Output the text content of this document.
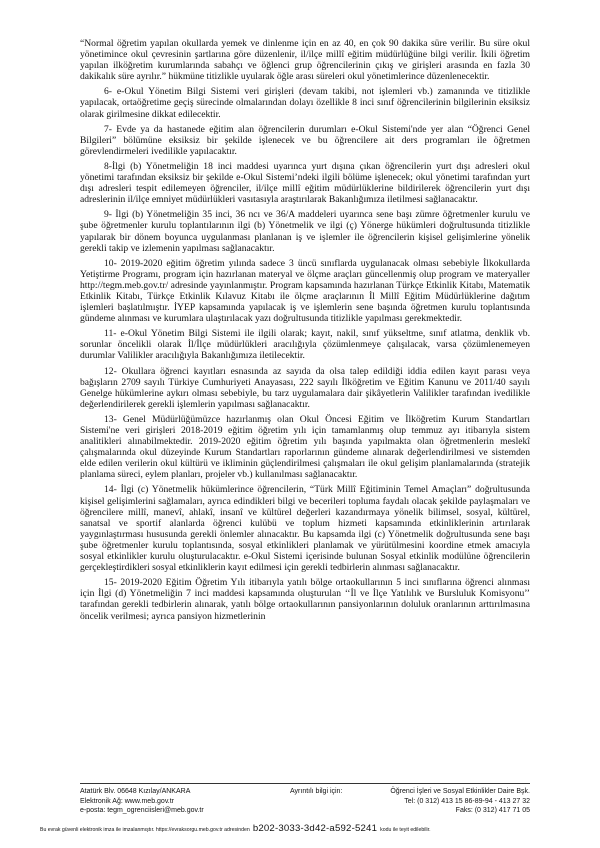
“Normal öğretim yapılan okullarda yemek ve dinlenme için en az 40, en çok 90 dakika süre verilir. Bu süre okul yönetimince okul çevresinin şartlarına göre düzenlenir, il/ilçe millî eğitim müdürlüğüne bilgi verilir. İkili öğretim yapılan ilköğretim kurumlarında sabahçı ve öğlenci grup öğrencilerinin çıkış ve girişleri arasında en fazla 30 dakikalık süre ayrılır.” hükmüne titizlikle uyularak öğle arası süreleri okul yönetimlerince düzenlenecektir.

6- e-Okul Yönetim Bilgi Sistemi veri girişleri (devam takibi, not işlemleri vb.) zamanında ve titizlikle yapılacak, ortaöğretime geçiş sürecinde olmalarından dolayı özellikle 8 inci sınıf öğrencilerinin bilgilerinin eksiksiz olarak girilmesine dikkat edilecektir.

7- Evde ya da hastanede eğitim alan öğrencilerin durumları e-Okul Sistemi'nde yer alan “Öğrenci Genel Bilgileri” bölümüne eksiksiz bir şekilde işlenecek ve bu öğrencilere ait ders programları ile öğretmen görevlendirmeleri ivedilikle yapılacaktır.

8-İlgi (b) Yönetmeliğin 18 inci maddesi uyarınca yurt dışına çıkan öğrencilerin yurt dışı adresleri okul yönetimi tarafından eksiksiz bir şekilde e-Okul Sistemi’ndeki ilgili bölüme işlenecek; okul yönetimi tarafından yurt dışı adresleri tespit edilemeyen öğrenciler, il/ilçe millî eğitim müdürlüklerine bildirilerek öğrencilerin yurt dışı adreslerinin il/ilçe emniyet müdürlükleri vasıtasıyla araştırılarak Bakanlığımıza iletilmesi sağlanacaktır.

9- İlgi (b) Yönetmeliğin 35 inci, 36 ncı ve 36/A maddeleri uyarınca sene başı zümre öğretmenler kurulu ve şube öğretmenler kurulu toplantılarının ilgi (b) Yönetmelik ve ilgi (ç) Yönerge hükümleri doğrultusunda titizlikle yapılarak bir dönem boyunca uygulanması planlanan iş ve işlemler ile öğrencilerin kişisel gelişimlerine yönelik gerekli takip ve izlemenin yapılması sağlanacaktır.

10- 2019-2020 eğitim öğretim yılında sadece 3 üncü sınıflarda uygulanacak olması sebebiyle İlkokullarda Yetiştirme Programı, program için hazırlanan materyal ve ölçme araçları güncellenmiş olup program ve materyaller http://tegm.meb.gov.tr/ adresinde yayınlanmıştır. Program kapsamında hazırlanan Türkçe Etkinlik Kitabı, Matematik Etkinlik Kitabı, Türkçe Etkinlik Kılavuz Kitabı ile ölçme araçlarının İl Millî Eğitim Müdürlüklerine dağıtım işlemleri başlatılmıştır. İYEP kapsamında yapılacak iş ve işlemlerin sene başında öğretmen kurulu toplantısında gündeme alınması ve kurumlara ulaştırılacak yazı doğrultusunda titizlikle yapılması gerekmektedir.

11- e-Okul Yönetim Bilgi Sistemi ile ilgili olarak; kayıt, nakil, sınıf yükseltme, sınıf atlatma, denklik vb. sorunlar öncelikli olarak İl/İlçe müdürlükleri aracılığıyla çözümlenmeye çalışılacak, varsa çözümlenemeyen durumlar Valilikler aracılığıyla Bakanlığımıza iletilecektir.

12- Okullara öğrenci kayıtları esnasında az sayıda da olsa talep edildiği iddia edilen kayıt parası veya bağışların 2709 sayılı Türkiye Cumhuriyeti Anayasası, 222 sayılı İlköğretim ve Eğitim Kanunu ve 2011/40 sayılı Genelge hükümlerine aykırı olması sebebiyle, bu tarz uygulamalara dair şikâyetlerin Valilikler tarafından ivedilikle değerlendirilerek gerekli işlemlerin yapılması sağlanacaktır.

13- Genel Müdürlüğümüzce hazırlanmış olan Okul Öncesi Eğitim ve İlköğretim Kurum Standartları Sistemi'ne veri girişleri 2018-2019 eğitim öğretim yılı için tamamlanmış olup temmuz ayı itibarıyla sistem analitikleri alınabilmektedir. 2019-2020 eğitim öğretim yılı başında yapılmakta olan öğretmenlerin meslekî çalışmalarında okul düzeyinde Kurum Standartları raporlarının gündeme alınarak değerlendirilmesi ve sistemden elde edilen verilerin okul kültürü ve ikliminin güçlendirilmesi çalışmaları ile okul gelişim planlamalarında (stratejik planlama süreci, eylem planları, projeler vb.) kullanılması sağlanacaktır.

14- İlgi (c) Yönetmelik hükümlerince öğrencilerin, “Türk Millî Eğitiminin Temel Amaçları” doğrultusunda kişisel gelişimlerini sağlamaları, ayrıca edindikleri bilgi ve becerileri topluma faydalı olacak şekilde paylaşmaları ve öğrencilere millî, manevî, ahlakî, insanî ve kültürel değerleri kazandırmaya yönelik bilimsel, sosyal, kültürel, sanatsal ve sportif alanlarda öğrenci kulübü ve toplum hizmeti kapsamında etkinliklerinin artırılarak yaygınlaştırması hususunda gerekli önlemler alınacaktır. Bu kapsamda ilgi (c) Yönetmelik doğrultusunda sene başı şube öğretmenler kurulu toplantısında, sosyal etkinlikleri planlamak ve yürütülmesini koordine etmek amacıyla sosyal etkinlikler kurulu oluşturulacaktır. e-Okul Sistemi içerisinde bulunan Sosyal etkinlik modülüne öğrencilerin gerçekleştirdikleri sosyal etkinliklerin kayıt edilmesi için gerekli tedbirlerin alınması sağlanacaktır.

15- 2019-2020 Eğitim Öğretim Yılı itibarıyla yatılı bölge ortaokullarının 5 inci sınıflarına öğrenci alınması için İlgi (d) Yönetmeliğin 7 inci maddesi kapsamında oluşturulan ‘‘İl ve İlçe Yatılılık ve Bursluluk Komisyonu’’ tarafından gerekli tedbirlerin alınarak, yatılı bölge ortaokullarının pansiyonlarının doluluk oranlarının arttırılmasına öncelik verilmesi; ayrıca pansiyon hizmetlerinin

Atatürk Blv. 06648 Kızılay/ANKARA
Elektronik Ağ: www.meb.gov.tr
e-posta: tegm_ogrenciisleri@meb.gov.tr
Ayrıntılı bilgi için:	Öğrenci İşleri ve Sosyal Etkinlikler Daire Bşk.
Tel: (0 312) 413 15 86-89-94 - 413 27 32
Faks: (0 312) 417 71 05
Bu evrak güvenli elektronik imza ile imzalanmıştır. https://evraksorgu.meb.gov.tr adresinden b202-3033-3d42-a592-5241 kodu ile teyit edilebilir.
